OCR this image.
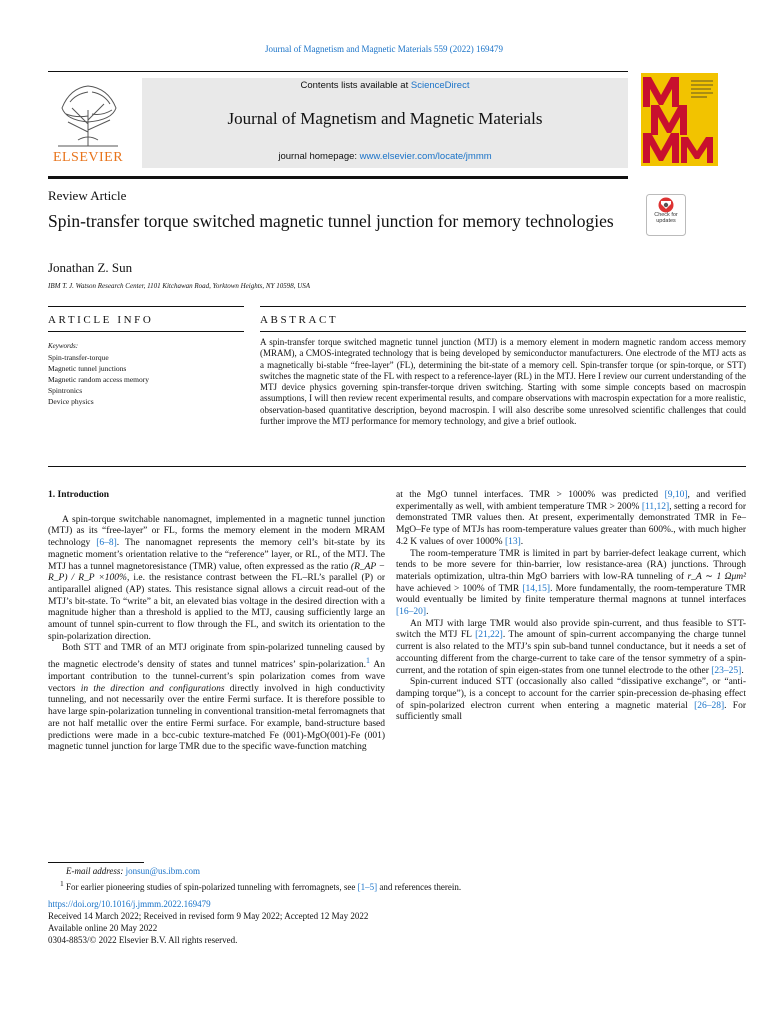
Journal of Magnetism and Magnetic Materials 559 (2022) 169479
ELSEVIER
Contents lists available at ScienceDirect
Journal of Magnetism and Magnetic Materials
journal homepage: www.elsevier.com/locate/jmmm
Check for updates
Review Article
Spin-transfer torque switched magnetic tunnel junction for memory technologies
Jonathan Z. Sun
IBM T. J. Watson Research Center, 1101 Kitchawan Road, Yorktown Heights, NY 10598, USA
ARTICLE INFO	ABSTRACT
Keywords:
Spin-transfer-torque
Magnetic tunnel junctions
Magnetic random access memory
Spintronics
Device physics
A spin-transfer torque switched magnetic tunnel junction (MTJ) is a memory element in modern magnetic random access memory (MRAM), a CMOS-integrated technology that is being developed by semiconductor manufacturers. One electrode of the MTJ acts as a magnetically bi-stable “free-layer” (FL), determining the bit-state of a memory cell. Spin-transfer torque (or spin-torque, or STT) switches the magnetic state of the FL with respect to a reference-layer (RL) in the MTJ. Here I review our current understanding of the MTJ device physics governing spin-transfer-torque driven switching. Starting with some simple concepts based on macrospin assumptions, I will then review recent experimental results, and compare observations with macrospin expectation for a more realistic, observation-based quantitative description, beyond macrospin. I will also describe some unresolved scientific challenges that could further improve the MTJ performance for memory technology, and give a brief outlook.
1. Introduction

A spin-torque switchable nanomagnet, implemented in a magnetic tunnel junction (MTJ) as its “free-layer” or FL, forms the memory element in the modern MRAM technology [6–8]. The nanomagnet represents the memory cell’s bit-state by its magnetic moment’s orientation relative to the “reference” layer, or RL, of the MTJ. The MTJ has a tunnel magnetoresistance (TMR) value, often expressed as the ratio (R_AP − R_P) / R_P ×100%, i.e. the resistance contrast between the FL–RL’s parallel (P) or antiparallel aligned (AP) states. This resistance signal allows a circuit read-out of the MTJ’s bit-state. To “write” a bit, an elevated bias voltage in the desired direction with a magnitude higher than a threshold is applied to the MTJ, causing sufficiently large an amount of tunnel spin-current to flow through the FL, and switch its orientation to the spin-polarization direction.

Both STT and TMR of an MTJ originate from spin-polarized tunneling caused by the magnetic electrode’s density of states and tunnel matrices’ spin-polarization.$^1$ An important contribution to the tunnel-current’s spin polarization comes from wave vectors in the direction and configurations directly involved in high conductivity tunneling, and not necessarily over the entire Fermi surface. It is therefore possible to have large spin-polarization tunneling in conventional transition-metal ferromagnets that are not half metallic over the entire Fermi surface. For example, band-structure based predictions were made in a bcc-cubic texture-matched Fe (001)-MgO(001)-Fe (001) magnetic tunnel junction for large TMR due to the specific wave-function matching

at the MgO tunnel interfaces. TMR > 1000% was predicted [9,10], and verified experimentally as well, with ambient temperature TMR > 200% [11,12], setting a record for demonstrated TMR values then. At present, experimentally demonstrated TMR in Fe–MgO–Fe type of MTJs has room-temperature values greater than 600%., with much higher 4.2 K values of over 1000% [13].

The room-temperature TMR is limited in part by barrier-defect leakage current, which tends to be more severe for thin-barrier, low resistance-area (RA) junctions. Through materials optimization, ultra-thin MgO barriers with low-RA tunneling of r_A ∼ 1 Ωμm² have achieved > 100% of TMR [14,15]. More fundamentally, the room-temperature TMR would eventually be limited by finite temperature thermal magnons at tunnel interfaces [16–20].

An MTJ with large TMR would also provide spin-current, and thus feasible to STT-switch the MTJ FL [21,22]. The amount of spin-current accompanying the charge tunnel current is also related to the MTJ’s spin sub-band tunnel conductance, but it needs a set of accounting different from the charge-current to take care of the tensor symmetry of a spin-current, and the rotation of spin eigen-states from one tunnel electrode to the other [23–25].

Spin-current induced STT (occasionally also called “dissipative exchange”, or “anti-damping torque”), is a concept to account for the carrier spin-precession de-phasing effect of spin-polarized electron current when entering a magnetic material [26–28]. For sufficiently small

E-mail address: jonsun@us.ibm.com
$^1$ For earlier pioneering studies of spin-polarized tunneling with ferromagnets, see [1–5] and references therein.
https://doi.org/10.1016/j.jmmm.2022.169479
Received 14 March 2022; Received in revised form 9 May 2022; Accepted 12 May 2022
Available online 20 May 2022
0304-8853/© 2022 Elsevier B.V. All rights reserved.
